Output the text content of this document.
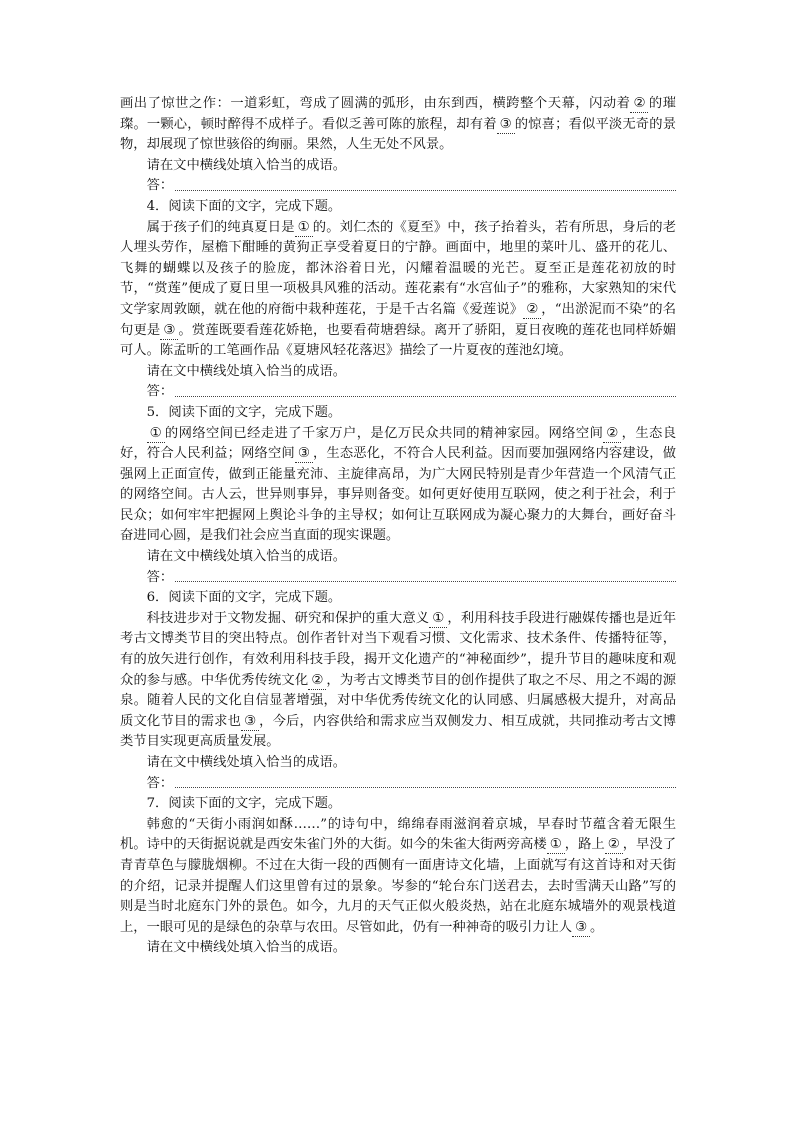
画出了惊世之作：一道彩虹，弯成了圆满的弧形，由东到西，横跨整个天幕，闪动着 ② 的璀璨。一颗心，顿时醉得不成样子。看似乏善可陈的旅程，却有着 ③ 的惊喜；看似平淡无奇的景物，却展现了惊世骇俗的绚丽。果然，人生无处不风景。

请在文中横线处填入恰当的成语。

答：

4．阅读下面的文字，完成下题。

属于孩子们的纯真夏日是 ① 的。刘仁杰的《夏至》中，孩子抬着头，若有所思，身后的老人埋头劳作，屋檐下酣睡的黄狗正享受着夏日的宁静。画面中，地里的菜叶儿、盛开的花儿、飞舞的蝴蝶以及孩子的脸庞，都沐浴着日光，闪耀着温暖的光芒。夏至正是莲花初放的时节，“赏莲”便成了夏日里一项极具风雅的活动。莲花素有“水宫仙子”的雅称，大家熟知的宋代文学家周敦颐，就在他的府衙中栽种莲花，于是千古名篇《爱莲说》 ② ，“出淤泥而不染”的名句更是 ③ 。赏莲既要看莲花娇艳，也要看荷塘碧绿。离开了骄阳，夏日夜晚的莲花也同样娇媚可人。陈孟昕的工笔画作品《夏塘风轻花落迟》描绘了一片夏夜的莲池幻境。

请在文中横线处填入恰当的成语。

答：

5．阅读下面的文字，完成下题。

① 的网络空间已经走进了千家万户，是亿万民众共同的精神家园。网络空间 ② ，生态良好，符合人民利益；网络空间 ③ ，生态恶化，不符合人民利益。因而要加强网络内容建设，做强网上正面宣传，做到正能量充沛、主旋律高昂，为广大网民特别是青少年营造一个风清气正的网络空间。古人云，世异则事异，事异则备变。如何更好使用互联网，使之利于社会，利于民众；如何牢牢把握网上舆论斗争的主导权；如何让互联网成为凝心聚力的大舞台，画好奋斗奋进同心圆，是我们社会应当直面的现实课题。

请在文中横线处填入恰当的成语。

答：

6．阅读下面的文字，完成下题。

科技进步对于文物发掘、研究和保护的重大意义 ① ，利用科技手段进行融媒传播也是近年考古文博类节目的突出特点。创作者针对当下观看习惯、文化需求、技术条件、传播特征等，有的放矢进行创作，有效利用科技手段，揭开文化遗产的“神秘面纱”，提升节目的趣味度和观众的参与感。中华优秀传统文化 ② ，为考古文博类节目的创作提供了取之不尽、用之不竭的源泉。随着人民的文化自信显著增强，对中华优秀传统文化的认同感、归属感极大提升，对高品质文化节目的需求也 ③ ，今后，内容供给和需求应当双侧发力、相互成就，共同推动考古文博类节目实现更高质量发展。

请在文中横线处填入恰当的成语。

答：

7．阅读下面的文字，完成下题。

韩愈的“天街小雨润如酥……”的诗句中，绵绵春雨滋润着京城，早春时节蕴含着无限生机。诗中的天街据说就是西安朱雀门外的大街。如今的朱雀大街两旁高楼 ① ，路上 ② ，早没了青青草色与朦胧烟柳。不过在大街一段的西侧有一面唐诗文化墙，上面就写有这首诗和对天街的介绍，记录并提醒人们这里曾有过的景象。岑参的“轮台东门送君去，去时雪满天山路”写的则是当时北庭东门外的景色。如今，九月的天气正似火般炎热，站在北庭东城墙外的观景栈道上，一眼可见的是绿色的杂草与农田。尽管如此，仍有一种神奇的吸引力让人 ③ 。

请在文中横线处填入恰当的成语。
